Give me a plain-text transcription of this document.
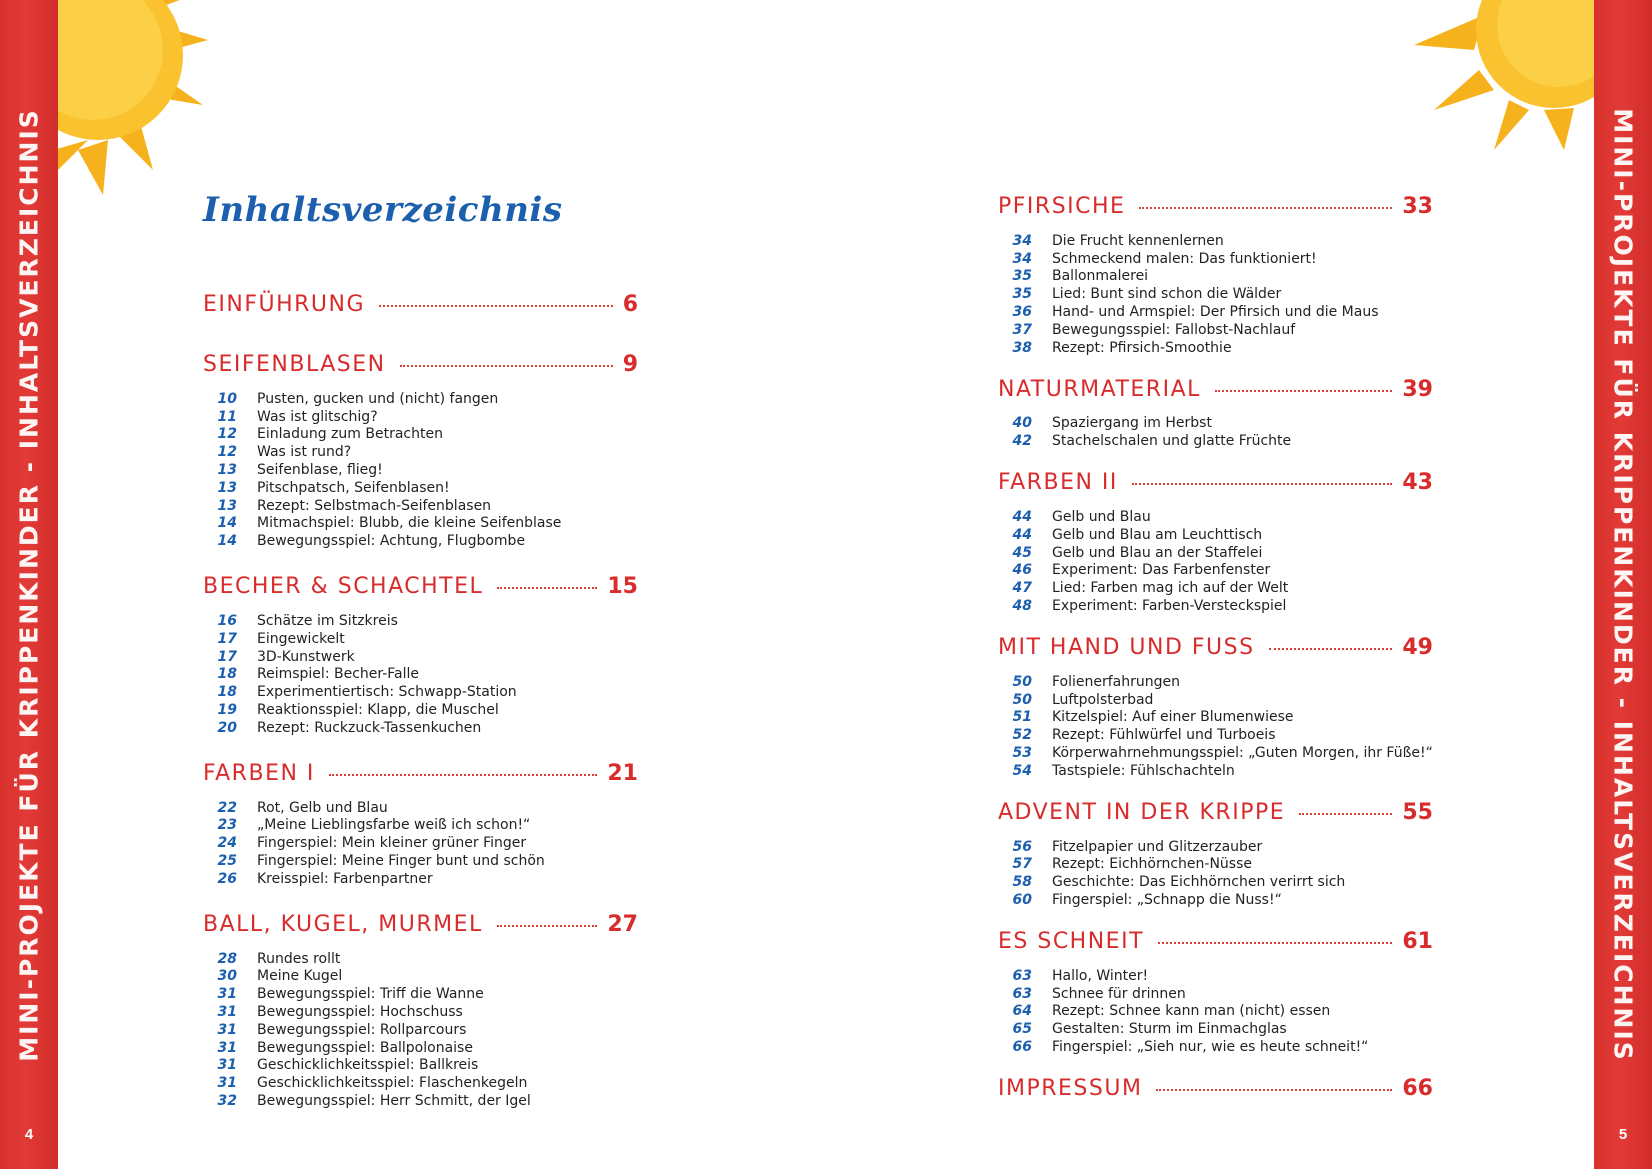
MINI-PROJEKTE FÜR KRIPPENKINDER - INHALTSVERZEICHNIS
4
MINI-PROJEKTE FÜR KRIPPENKINDER - INHALTSVERZEICHNIS
5
Inhaltsverzeichnis
EINFÜHRUNG	6
SEIFENBLASEN	9
10 Pusten, gucken und (nicht) fangen
11 Was ist glitschig?
12 Einladung zum Betrachten
12 Was ist rund?
13 Seifenblase, flieg!
13 Pitschpatsch, Seifenblasen!
13 Rezept: Selbstmach-Seifenblasen
14 Mitmachspiel: Blubb, die kleine Seifenblase
14 Bewegungsspiel: Achtung, Flugbombe
BECHER & SCHACHTEL	15
16 Schätze im Sitzkreis
17 Eingewickelt
17 3D-Kunstwerk
18 Reimspiel: Becher-Falle
18 Experimentiertisch: Schwapp-Station
19 Reaktionsspiel: Klapp, die Muschel
20 Rezept: Ruckzuck-Tassenkuchen
FARBEN I	21
22 Rot, Gelb und Blau
23 „Meine Lieblingsfarbe weiß ich schon!“
24 Fingerspiel: Mein kleiner grüner Finger
25 Fingerspiel: Meine Finger bunt und schön
26 Kreisspiel: Farbenpartner
BALL, KUGEL, MURMEL	27
28 Rundes rollt
30 Meine Kugel
31 Bewegungsspiel: Triff die Wanne
31 Bewegungsspiel: Hochschuss
31 Bewegungsspiel: Rollparcours
31 Bewegungsspiel: Ballpolonaise
31 Geschicklichkeitsspiel: Ballkreis
31 Geschicklichkeitsspiel: Flaschenkegeln
32 Bewegungsspiel: Herr Schmitt, der Igel
PFIRSICHE	33
34 Die Frucht kennenlernen
34 Schmeckend malen: Das funktioniert!
35 Ballonmalerei
35 Lied: Bunt sind schon die Wälder
36 Hand- und Armspiel: Der Pfirsich und die Maus
37 Bewegungsspiel: Fallobst-Nachlauf
38 Rezept: Pfirsich-Smoothie
NATURMATERIAL	39
40 Spaziergang im Herbst
42 Stachelschalen und glatte Früchte
FARBEN II	43
44 Gelb und Blau
44 Gelb und Blau am Leuchttisch
45 Gelb und Blau an der Staffelei
46 Experiment: Das Farbenfenster
47 Lied: Farben mag ich auf der Welt
48 Experiment: Farben-Versteckspiel
MIT HAND UND FUSS	49
50 Folienerfahrungen
50 Luftpolsterbad
51 Kitzelspiel: Auf einer Blumenwiese
52 Rezept: Fühlwürfel und Turboeis
53 Körperwahrnehmungsspiel: „Guten Morgen, ihr Füße!“
54 Tastspiele: Fühlschachteln
ADVENT IN DER KRIPPE	55
56 Fitzelpapier und Glitzerzauber
57 Rezept: Eichhörnchen-Nüsse
58 Geschichte: Das Eichhörnchen verirrt sich
60 Fingerspiel: „Schnapp die Nuss!“
ES SCHNEIT	61
63 Hallo, Winter!
63 Schnee für drinnen
64 Rezept: Schnee kann man (nicht) essen
65 Gestalten: Sturm im Einmachglas
66 Fingerspiel: „Sieh nur, wie es heute schneit!“
IMPRESSUM	66
